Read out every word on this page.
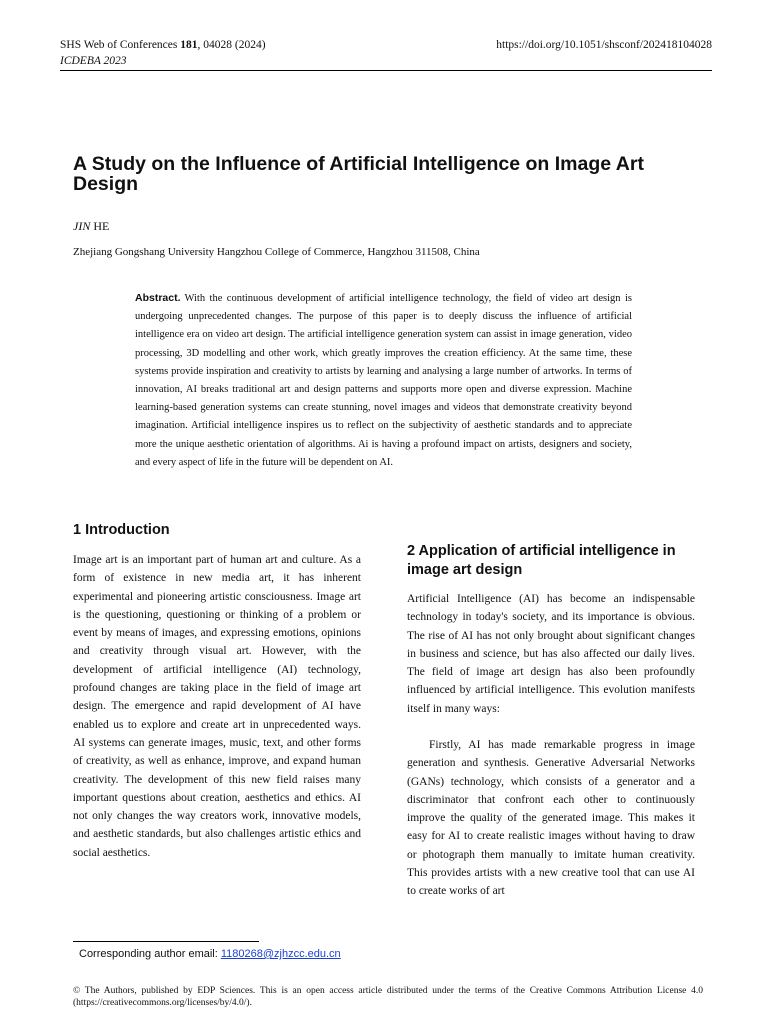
SHS Web of Conferences 181, 04028 (2024)
ICDEBA 2023
https://doi.org/10.1051/shsconf/202418104028
A Study on the Influence of Artificial Intelligence on Image Art Design
JIN HE
Zhejiang Gongshang University Hangzhou College of Commerce, Hangzhou 311508, China

Abstract. With the continuous development of artificial intelligence technology, the field of video art design is undergoing unprecedented changes. The purpose of this paper is to deeply discuss the influence of artificial intelligence era on video art design. The artificial intelligence generation system can assist in image generation, video processing, 3D modelling and other work, which greatly improves the creation efficiency. At the same time, these systems provide inspiration and creativity to artists by learning and analysing a large number of artworks. In terms of innovation, AI breaks traditional art and design patterns and supports more open and diverse expression. Machine learning-based generation systems can create stunning, novel images and videos that demonstrate creativity beyond imagination. Artificial intelligence inspires us to reflect on the subjectivity of aesthetic standards and to appreciate more the unique aesthetic orientation of algorithms. Ai is having a profound impact on artists, designers and society, and every aspect of life in the future will be dependent on AI.

1 Introduction

Image art is an important part of human art and culture. As a form of existence in new media art, it has inherent experimental and pioneering artistic consciousness. Image art is the questioning, questioning or thinking of a problem or event by means of images, and expressing emotions, opinions and creativity through visual art. However, with the development of artificial intelligence (AI) technology, profound changes are taking place in the field of image art design. The emergence and rapid development of AI have enabled us to explore and create art in unprecedented ways. AI systems can generate images, music, text, and other forms of creativity, as well as enhance, improve, and expand human creativity. The development of this new field raises many important questions about creation, aesthetics and ethics. AI not only changes the way creators work, innovative models, and aesthetic standards, but also challenges artistic ethics and social aesthetics.

2 Application of artificial intelligence in image art design

Artificial Intelligence (AI) has become an indispensable technology in today's society, and its importance is obvious. The rise of AI has not only brought about significant changes in business and science, but has also affected our daily lives. The field of image art design has also been profoundly influenced by artificial intelligence. This evolution manifests itself in many ways:

Firstly, AI has made remarkable progress in image generation and synthesis. Generative Adversarial Networks (GANs) technology, which consists of a generator and a discriminator that confront each other to continuously improve the quality of the generated image. This makes it easy for AI to create realistic images without having to draw or photograph them manually to imitate human creativity. This provides artists with a new creative tool that can use AI to create works of art

Corresponding author email: 1180268@zjhzcc.edu.cn

© The Authors, published by EDP Sciences. This is an open access article distributed under the terms of the Creative Commons Attribution License 4.0 (https://creativecommons.org/licenses/by/4.0/).
